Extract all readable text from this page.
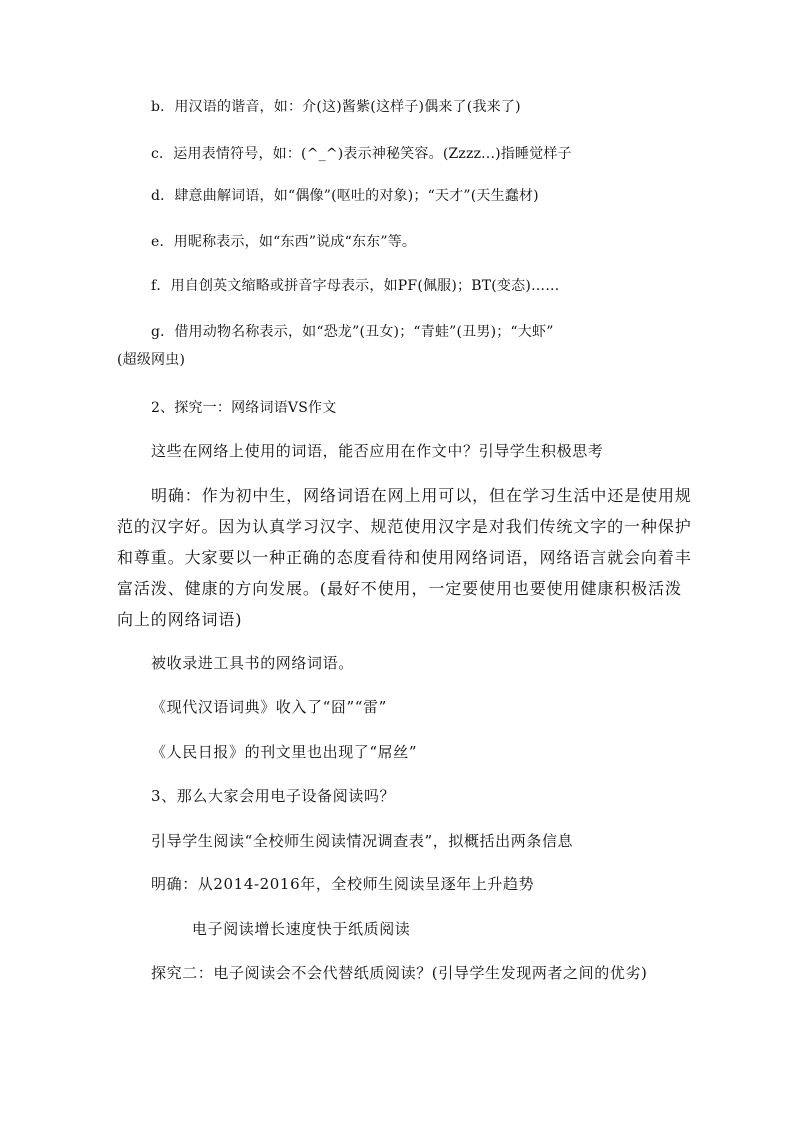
b．用汉语的谐音，如：介(这)酱紫(这样子)偶来了(我来了)
c．运用表情符号，如：(^_^)表示神秘笑容。(Zzzz...)指睡觉样子
d．肆意曲解词语，如“偶像”(呕吐的对象)；“天才”(天生蠢材)
e．用昵称表示，如“东西”说成“东东”等。
f．用自创英文缩略或拼音字母表示，如PF(佩服)；BT(变态)……
g．借用动物名称表示，如“恐龙”(丑女)；“青蛙”(丑男)；“大虾”
(超级网虫)
2、探究一：网络词语VS作文
这些在网络上使用的词语，能否应用在作文中？引导学生积极思考
明确：作为初中生，网络词语在网上用可以，但在学习生活中还是使用规
范的汉字好。因为认真学习汉字、规范使用汉字是对我们传统文字的一种保护
和尊重。大家要以一种正确的态度看待和使用网络词语，网络语言就会向着丰
富活泼、健康的方向发展。(最好不使用，一定要使用也要使用健康积极活泼
向上的网络词语)
被收录进工具书的网络词语。
《现代汉语词典》收入了“囧”“雷”
《人民日报》的刊文里也出现了“屌丝”
3、那么大家会用电子设备阅读吗？
引导学生阅读“全校师生阅读情况调查表”，拟概括出两条信息
明确：从2014-2016年，全校师生阅读呈逐年上升趋势
电子阅读增长速度快于纸质阅读
探究二：电子阅读会不会代替纸质阅读？(引导学生发现两者之间的优劣)
